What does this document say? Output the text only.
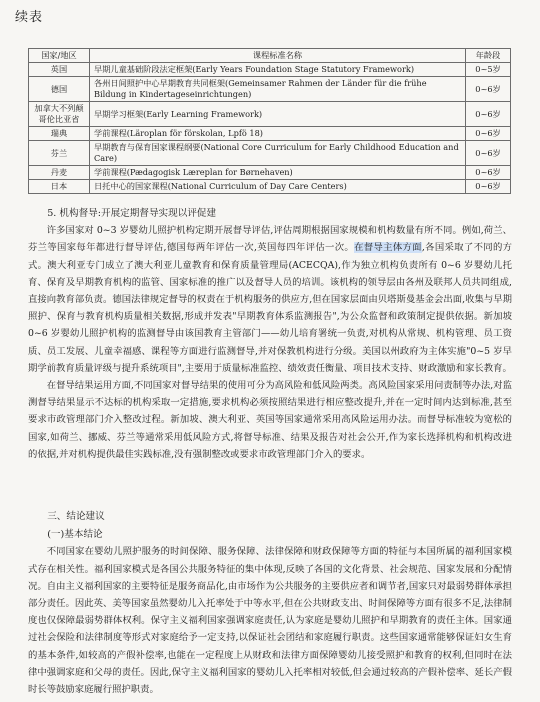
续表
国家/地区	课程标准名称	年龄段
英国	早期儿童基础阶段法定框架(Early Years Foundation Stage Statutory Framework)	0~5岁
德国	各州日间照护中心早期教育共同框架(Gemeinsamer Rahmen der Länder für die frühe Bildung in Kindertageseinrichtungen)	0~6岁
加拿大不列颠哥伦比亚省	早期学习框架(Early Learning Framework)	0~6岁
瑞典	学前课程(Läroplan för förskolan, Lpfö 18)	0~6岁
芬兰	早期教育与保育国家课程纲要(National Core Curriculum for Early Childhood Education and Care)	0~6岁
丹麦	学前课程(Pædagogisk Læreplan for Børnehaven)	0~6岁
日本	日托中心的国家课程(National Curriculum of Day Care Centers)	0~6岁

5. 机构督导:开展定期督导实现以评促建

许多国家对 0~3 岁婴幼儿照护机构定期开展督导评估,评估周期根据国家规模和机构数量有所不同。例如,荷兰、芬兰等国家每年都进行督导评估,德国每两年评估一次,英国每四年评估一次。在督导主体方面,各国采取了不同的方式。澳大利亚专门成立了澳大利亚儿童教育和保育质量管理局(ACECQA),作为独立机构负责所有 0~6 岁婴幼儿托育、保育及早期教育机构的监管、国家标准的推广以及督导人员的培训。该机构的领导层由各州及联邦人员共同组成,直接向教育部负责。德国法律规定督导的权责在于机构服务的供应方,但在国家层面由贝塔斯曼基金会出面,收集与早期照护、保育与教育机构质量相关数据,形成并发表"早期教育体系监测报告",为公众监督和政策制定提供依据。新加坡 0~6 岁婴幼儿照护机构的监测督导由该国教育主管部门——幼儿培育署统一负责,对机构从常规、机构管理、员工资质、员工发展、儿童幸福感、课程等方面进行监测督导,并对保教机构进行分级。美国以州政府为主体实施"0~5 岁早期学前教育质量评级与提升系统项目",主要用于质量标准监控、绩效责任衡量、项目技术支持、财政激励和家长教育。

在督导结果运用方面,不同国家对督导结果的使用可分为高风险和低风险两类。高风险国家采用问责制等办法,对监测督导结果显示不达标的机构采取一定措施,要求机构必须按照结果进行相应整改提升,并在一定时间内达到标准,甚至要求市政管理部门介入整改过程。新加坡、澳大利亚、英国等国家通常采用高风险运用办法。而督导标准较为宽松的国家,如荷兰、挪威、芬兰等通常采用低风险方式,将督导标准、结果及报告对社会公开,作为家长选择机构和机构改进的依据,并对机构提供最佳实践标准,没有强制整改或要求市政管理部门介入的要求。

三、结论建议

(一)基本结论

不同国家在婴幼儿照护服务的时间保障、服务保障、法律保障和财政保障等方面的特征与本国所属的福利国家模式存在相关性。福利国家模式是各国公共服务特征的集中体现,反映了各国的文化背景、社会规范、国家发展和分配情况。自由主义福利国家的主要特征是服务商品化,由市场作为公共服务的主要供应者和调节者,国家只对最弱势群体承担部分责任。因此英、美等国家虽然婴幼儿入托率处于中等水平,但在公共财政支出、时间保障等方面有很多不足,法律制度也仅保障最弱势群体权利。保守主义福利国家强调家庭责任,认为家庭是婴幼儿照护和早期教育的责任主体。国家通过社会保险和法律制度等形式对家庭给予一定支持,以保证社会团结和家庭履行职责。这些国家通常能够保证妇女生育的基本条件,如较高的产假补偿率,也能在一定程度上从财政和法律方面保障婴幼儿接受照护和教育的权利,但同时在法律中强调家庭和父母的责任。因此,保守主义福利国家的婴幼儿入托率相对较低,但会通过较高的产假补偿率、延长产假时长等鼓励家庭履行照护职责。
